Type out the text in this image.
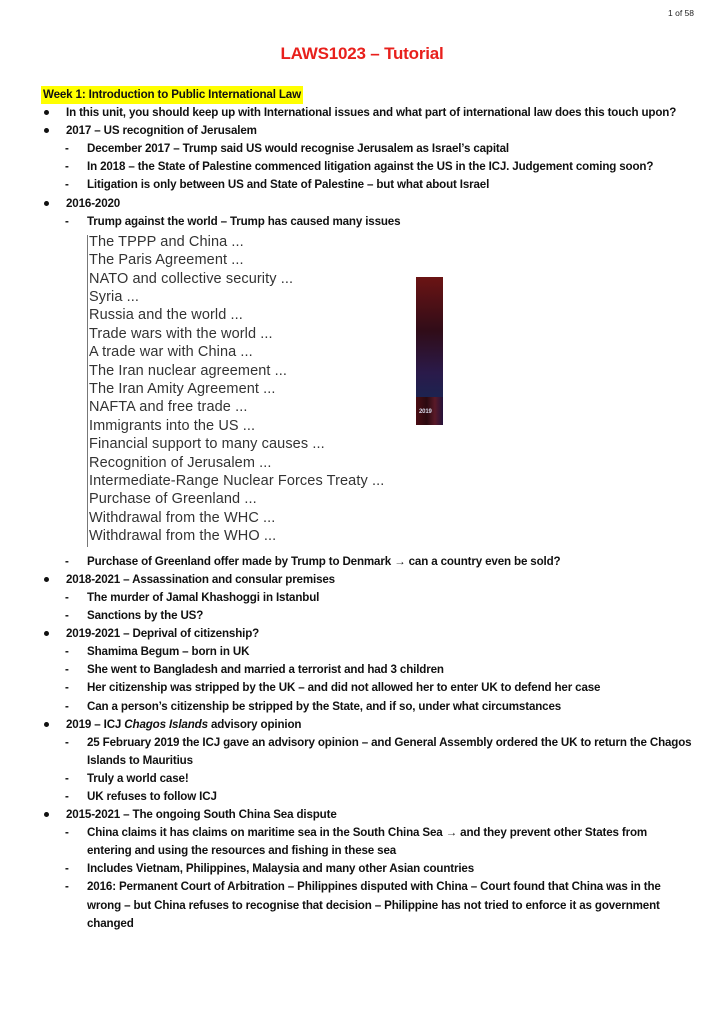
1 of 58
LAWS1023 – Tutorial
Week 1: Introduction to Public International Law
In this unit, you should keep up with International issues and what part of international law does this touch upon?
2017 – US recognition of Jerusalem
- December 2017 – Trump said US would recognise Jerusalem as Israel’s capital
- In 2018 – the State of Palestine commenced litigation against the US in the ICJ. Judgement coming soon?
- Litigation is only between US and State of Palestine – but what about Israel
2016-2020
- Trump against the world – Trump has caused many issues
The TPPP and China ...
The Paris Agreement ...
NATO and collective security ...
Syria ...
Russia and the world ...
Trade wars with the world ...
A trade war with China ...
The Iran nuclear agreement ...
The Iran Amity Agreement ...
NAFTA and free trade ...
Immigrants into the US ...
Financial support to many causes ...
Recognition of Jerusalem ...
Intermediate-Range Nuclear Forces Treaty ...
Purchase of Greenland ...
Withdrawal from the WHC ...
Withdrawal from the WHO ...
2019
- Purchase of Greenland offer made by Trump to Denmark → can a country even be sold?
2018-2021 – Assassination and consular premises
- The murder of Jamal Khashoggi in Istanbul
- Sanctions by the US?
2019-2021 – Deprival of citizenship?
- Shamima Begum – born in UK
- She went to Bangladesh and married a terrorist and had 3 children
- Her citizenship was stripped by the UK – and did not allowed her to enter UK to defend her case
- Can a person’s citizenship be stripped by the State, and if so, under what circumstances
2019 – ICJ Chagos Islands advisory opinion
- 25 February 2019 the ICJ gave an advisory opinion – and General Assembly ordered the UK to return the Chagos Islands to Mauritius
- Truly a world case!
- UK refuses to follow ICJ
2015-2021 – The ongoing South China Sea dispute
- China claims it has claims on maritime sea in the South China Sea → and they prevent other States from entering and using the resources and fishing in these sea
- Includes Vietnam, Philippines, Malaysia and many other Asian countries
- 2016: Permanent Court of Arbitration – Philippines disputed with China – Court found that China was in the wrong – but China refuses to recognise that decision – Philippine has not tried to enforce it as government changed
